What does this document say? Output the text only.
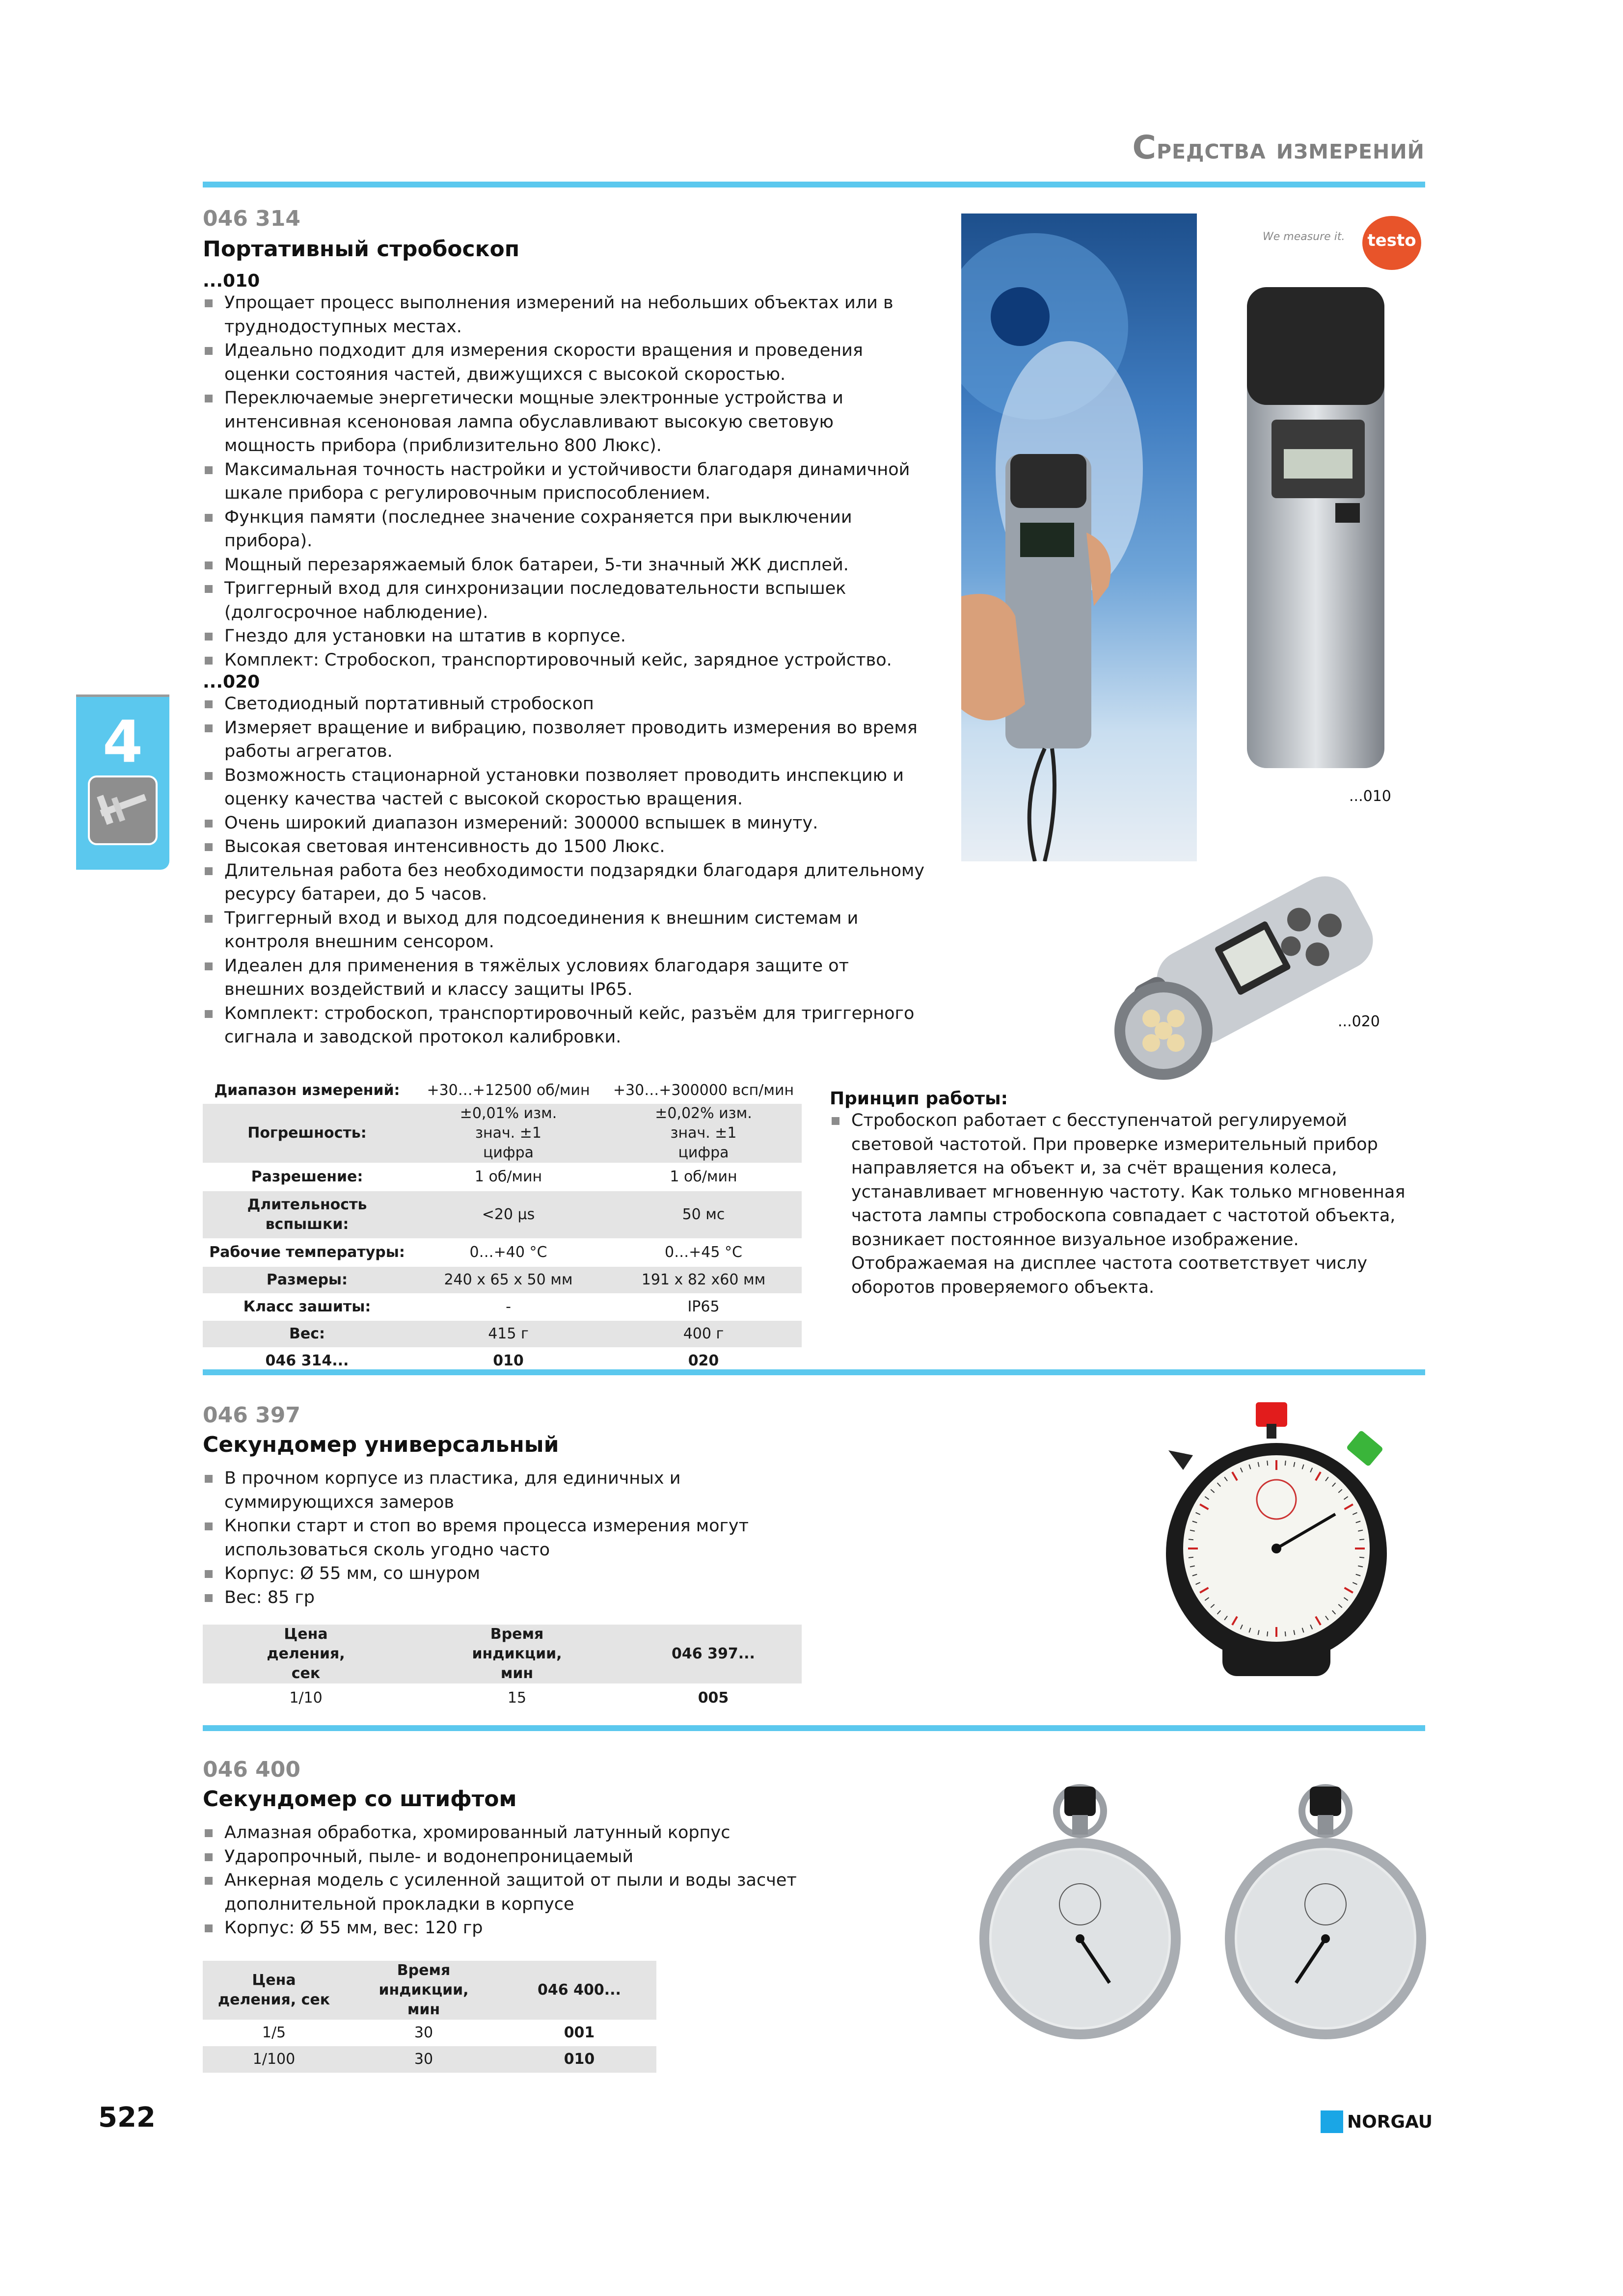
Средства измерений
4
046 314
Портативный стробоскоп
...010
Упрощает процесс выполнения измерений на небольших объектах или в труднодоступных местах.
Идеально подходит для измерения скорости вращения и проведения оценки состояния частей, движущихся с высокой скоростью.
Переключаемые энергетически мощные электронные устройства и интенсивная ксеноновая лампа обуславливают высокую световую мощность прибора (приблизительно 800 Люкс).
Максимальная точность настройки и устойчивости благодаря динамичной шкале прибора с регулировочным приспособлением.
Функция памяти (последнее значение сохраняется при выключении прибора).
Мощный перезаряжаемый блок батареи, 5-ти значный ЖК дисплей.
Триггерный вход для синхронизации последовательности вспышек (долгосрочное наблюдение).
Гнездо для установки на штатив в корпусе.
Комплект: Стробоскоп, транспортировочный кейс, зарядное устройство.
...020
Светодиодный портативный стробоскоп
Измеряет вращение и вибрацию, позволяет проводить измерения во время работы агрегатов.
Возможность стационарной установки позволяет проводить инспекцию и оценку качества частей с высокой скоростью вращения.
Очень широкий диапазон измерений: 300000 вспышек в минуту.
Высокая световая интенсивность до 1500 Люкс.
Длительная работа без необходимости подзарядки благодаря длительному ресурсу батареи, до 5 часов.
Триггерный вход и выход для подсоединения к внешним системам и контроля внешним сенсором.
Идеален для применения в тяжёлых условиях благодаря защите от внешних воздействий и классу защиты IP65.
Комплект: стробоскоп, транспортировочный кейс, разъём для триггерного сигнала и заводской протокол калибровки.
We measure it.	testo
...010
...020
Диапазон измерений:	+30…+12500 об/мин	+30…+300000 всп/мин
Погрешность:	±0,01% изм. знач. ±1 цифра	±0,02% изм. знач. ±1 цифра
Разрешение:	1 об/мин	1 об/мин
Длительность вспышки:	<20 µs	50 мс
Рабочие температуры:	0…+40 °C	0…+45 °C
Размеры:	240 x 65 x 50 мм	191 x 82 x60 мм
Класс зашиты:	-	IP65
Вес:	415 г	400 г
046 314...	010	020
Принцип работы:
Стробоскоп работает с бесступенчатой регулируемой световой частотой. При проверке измерительный прибор направляется на объект и, за счёт вращения колеса, устанавливает мгновенную частоту. Как только мгновенная частота лампы стробоскопа совпадает с частотой объекта, возникает постоянное визуальное изображение. Отображаемая на дисплее частота соответствует числу оборотов проверяемого объекта.
046 397
Секундомер универсальный
В прочном корпусе из пластика, для единичных и суммирующихся замеров
Кнопки старт и стоп во время процесса измерения могут использоваться сколь угодно часто
Корпус: Ø 55 мм, со шнуром
Вес: 85 гр
Цена деления, сек	Время индикции, мин	046 397...
1/10	15	005
046 400
Секундомер со штифтом
Алмазная обработка, хромированный латунный корпус
Ударопрочный, пыле- и водонепроницаемый
Анкерная модель с усиленной защитой от пыли и воды засчет дополнительной прокладки в корпусе
Корпус: Ø 55 мм, вес: 120 гр
Цена деления, сек	Время индикции, мин	046 400...
1/5	30	001
1/100	30	010
522	NORGAU
